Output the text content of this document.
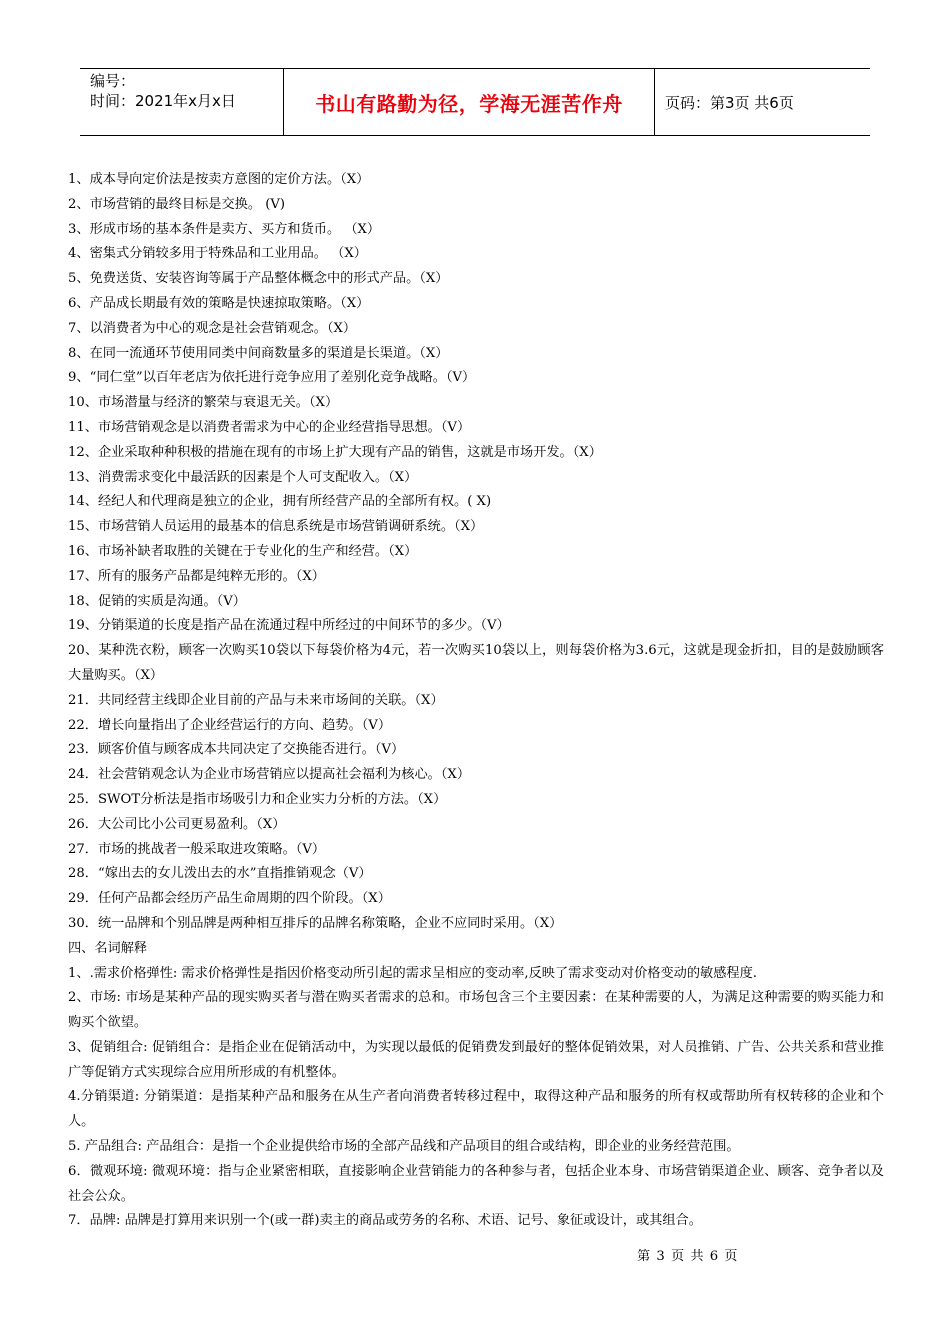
编号：
时间：2021年x月x日	书山有路勤为径，学海无涯苦作舟	页码：第3页 共6页
1、成本导向定价法是按卖方意图的定价方法。（X）
2、市场营销的最终目标是交换。 (V)
3、形成市场的基本条件是卖方、买方和货币。 （X）
4、密集式分销较多用于特殊品和工业用品。 （X）
5、免费送货、安装咨询等属于产品整体概念中的形式产品。（X）
6、产品成长期最有效的策略是快速掠取策略。（X）
7、以消费者为中心的观念是社会营销观念。（X）
8、在同一流通环节使用同类中间商数量多的渠道是长渠道。（X）
9、“同仁堂”以百年老店为依托进行竞争应用了差别化竞争战略。（V）
10、市场潜量与经济的繁荣与衰退无关。（X）
11、市场营销观念是以消费者需求为中心的企业经营指导思想。（V）
12、企业采取种种积极的措施在现有的市场上扩大现有产品的销售，这就是市场开发。（X）
13、消费需求变化中最活跃的因素是个人可支配收入。（X）
14、经纪人和代理商是独立的企业，拥有所经营产品的全部所有权。( X)
15、市场营销人员运用的最基本的信息系统是市场营销调研系统。（X）
16、市场补缺者取胜的关键在于专业化的生产和经营。（X）
17、所有的服务产品都是纯粹无形的。（X）
18、促销的实质是沟通。（V）
19、分销渠道的长度是指产品在流通过程中所经过的中间环节的多少。（V）
20、某种洗衣粉，顾客一次购买10袋以下每袋价格为4元，若一次购买10袋以上，则每袋价格为3.6元，这就是现金折扣，目的是鼓励顾客大量购买。（X）
21．共同经营主线即企业目前的产品与未来市场间的关联。（X）
22．增长向量指出了企业经营运行的方向、趋势。（V）
23．顾客价值与顾客成本共同决定了交换能否进行。（V）
24．社会营销观念认为企业市场营销应以提高社会福利为核心。（X）
25．SWOT分析法是指市场吸引力和企业实力分析的方法。（X）
26．大公司比小公司更易盈利。（X）
27．市场的挑战者一般采取进攻策略。（V）
28．“嫁出去的女儿泼出去的水”直指推销观念（V）
29．任何产品都会经历产品生命周期的四个阶段。（X）
30．统一品牌和个别品牌是两种相互排斥的品牌名称策略，企业不应同时采用。（X）
四、名词解释
1、.需求价格弹性: 需求价格弹性是指因价格变动所引起的需求呈相应的变动率,反映了需求变动对价格变动的敏感程度.
2、市场: 市场是某种产品的现实购买者与潜在购买者需求的总和。市场包含三个主要因素：在某种需要的人，为满足这种需要的购买能力和购买个欲望。
3、促销组合: 促销组合：是指企业在促销活动中，为实现以最低的促销费发到最好的整体促销效果，对人员推销、广告、公共关系和营业推广等促销方式实现综合应用所形成的有机整体。
4.分销渠道: 分销渠道：是指某种产品和服务在从生产者向消费者转移过程中，取得这种产品和服务的所有权或帮助所有权转移的企业和个人。
5. 产品组合: 产品组合：是指一个企业提供给市场的全部产品线和产品项目的组合或结构，即企业的业务经营范围。
6．微观环境: 微观环境：指与企业紧密相联，直接影响企业营销能力的各种参与者，包括企业本身、市场营销渠道企业、顾客、竞争者以及社会公众。
7．品牌: 品牌是打算用来识别一个(或一群)卖主的商品或劳务的名称、术语、记号、象征或设计，或其组合。
第 3 页 共 6 页
